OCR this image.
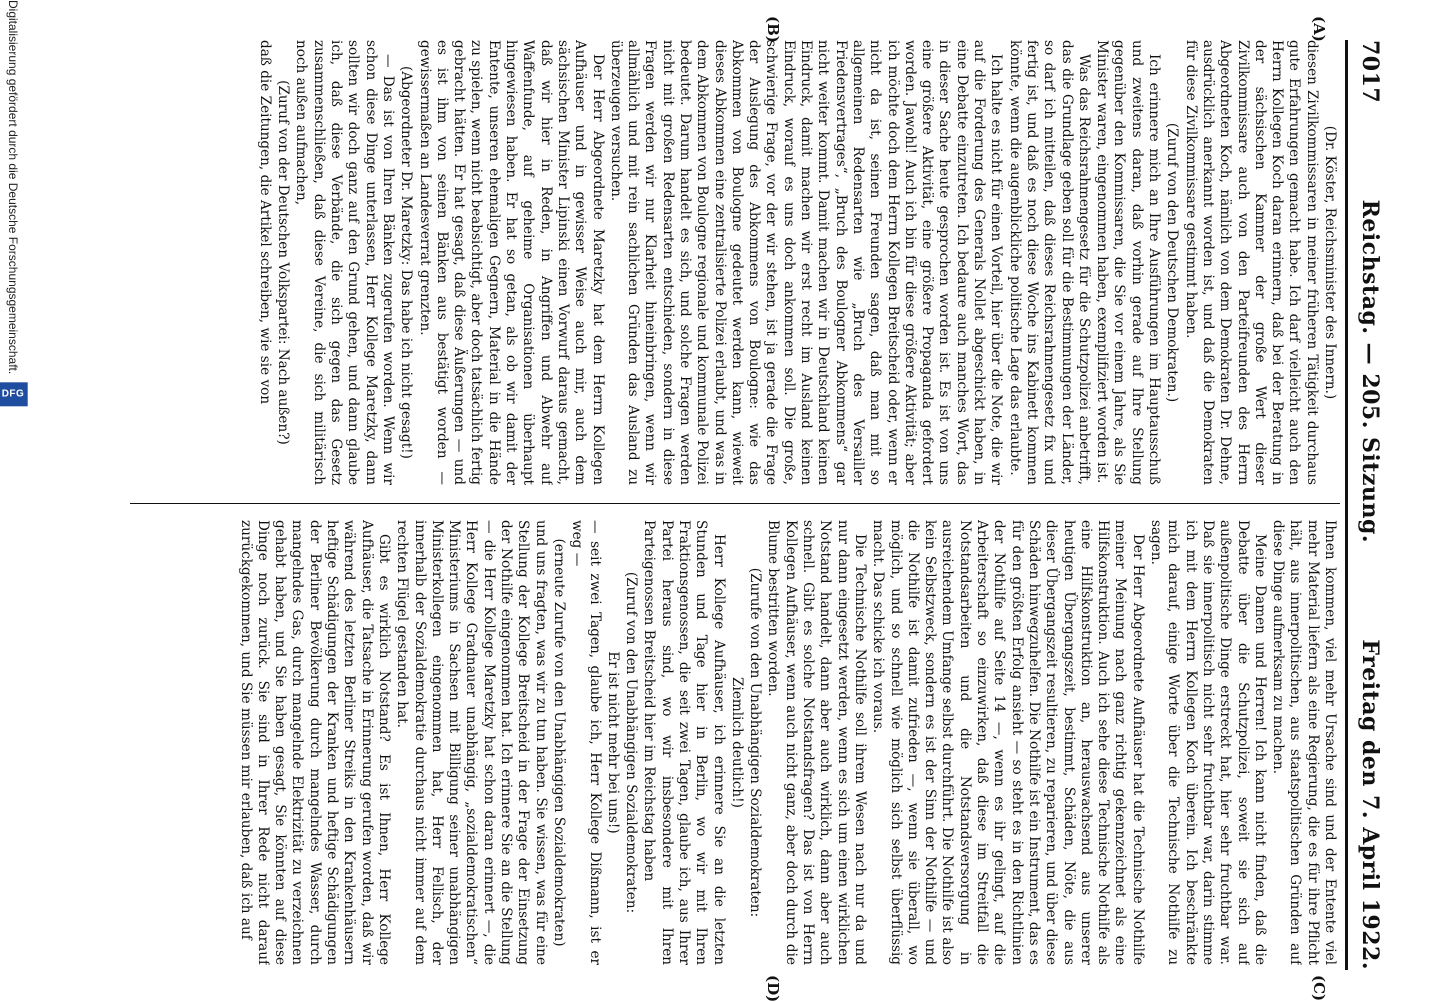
7017
Reichstag. — 205. Sitzung.
Freitag den 7. April 1922.
(A)
(B)
(C)
(D)

(Dr. Köster, Reichsminister des Innern.)

diesen Zivilkommissaren in meiner früheren Tätigkeit durchaus gute Erfahrungen gemacht habe. Ich darf vielleicht auch den Herrn Kollegen Koch daran erinnern, daß bei der Beratung in der sächsischen Kammer der große Wert dieser Zivilkommissare auch von den Parteifreunden des Herrn Abgeordneten Koch, nämlich von dem Demokraten Dr. Dehne, ausdrücklich anerkannt worden ist, und daß die Demokraten für diese Zivilkommissare gestimmt haben.

(Zuruf von den Deutschen Demokraten.)

Ich erinnere mich an Ihre Ausführungen im Hauptausschuß und zweitens daran, daß vorhin gerade auf Ihre Stellung gegenüber den Kommissaren, die Sie vor einem Jahre, als Sie Minister waren, eingenommen haben, exemplifiziert worden ist.

Was das Reichsrahmengesetz für die Schutzpolizei anbetrifft, das die Grundlage geben soll für die Bestimmungen der Länder, so darf ich mitteilen, daß dieses Reichsrahmengesetz fix und fertig ist, und daß es noch diese Woche ins Kabinett kommen könnte, wenn die augenblickliche politische Lage das erlaubte.

Ich halte es nicht für einen Vorteil, hier über die Note, die wir auf die Forderung des Generals Nollet abgeschickt haben, in eine Debatte einzutreten. Ich bedaure auch manches Wort, das in dieser Sache heute gesprochen worden ist. Es ist von uns eine größere Aktivität, eine größere Propaganda gefordert worden. Jawohl! Auch ich bin für diese größere Aktivität; aber ich möchte doch dem Herrn Kollegen Breitscheid oder, wenn er nicht da ist, seinen Freunden sagen, daß man mit so allgemeinen Redensarten wie „Bruch des Versailler Friedensvertrages“, „Bruch des Boulogner Abkommens“ gar nicht weiter kommt. Damit machen wir in Deutschland keinen Eindruck, damit machen wir erst recht im Ausland keinen Eindruck, worauf es uns doch ankommen soll. Die große, schwierige Frage, vor der wir stehen, ist ja gerade die Frage der Auslegung des Abkommens von Boulogne: wie das Abkommen von Boulogne gedeutet werden kann, wieweit dieses Abkommen eine zentralisierte Polizei erlaubt, und was in dem Abkommen von Boulogne regionale und kommunale Polizei bedeutet. Darum handelt es sich, und solche Fragen werden nicht mit großen Redensarten entschieden, sondern in diese Fragen werden wir nur Klarheit hineinbringen, wenn wir allmählich und mit rein sachlichen Gründen das Ausland zu überzeugen versuchen.

Der Herr Abgeordnete Maretzky hat dem Herrn Kollegen Aufhäuser und in gewisser Weise auch mir, auch dem sächsischen Minister Lipinski einen Vorwurf daraus gemacht, daß wir hier in Reden, in Angriffen und Abwehr auf Waffenfunde, auf geheime Organisationen überhaupt hingewiesen haben. Er hat so getan, als ob wir damit der Entente, unseren ehemaligen Gegnern, Material in die Hände zu spielen, wenn nicht beabsichtigt, aber doch tatsächlich fertig gebracht hätten. Er hat gesagt, daß diese Äußerungen — und es ist ihm von seinen Bänken aus bestätigt worden — gewissermaßen an Landesverrat grenzten.

(Abgeordneter Dr. Maretzky: Das habe ich nicht gesagt!)

— Das ist von Ihren Bänken zugerufen worden. Wenn wir schon diese Dinge unterlassen, Herr Kollege Maretzky, dann sollten wir doch ganz auf den Grund gehen, und dann glaube ich, daß diese Verbände, die sich gegen das Gesetz zusammenschließen, daß diese Vereine, die sich militärisch noch außen aufmachen,

(Zuruf von der Deutschen Volkspartei: Nach außen?)

daß die Zeitungen, die Artikel schreiben, wie sie von

Ihnen kommen, viel mehr Ursache sind und der Entente viel mehr Material liefern als eine Regierung, die es für ihre Pflicht hält, aus innerpolitischen, aus staatspolitischen Gründen auf diese Dinge aufmerksam zu machen.

Meine Damen und Herren! Ich kann nicht finden, daß die Debatte über die Schutzpolizei, soweit sie sich auf außenpolitische Dinge erstreckt hat, hier sehr fruchtbar war. Daß sie innerpolitisch nicht sehr fruchtbar war, darin stimme ich mit dem Herrn Kollegen Koch überein. Ich beschränkte mich darauf, einige Worte über die Technische Nothilfe zu sagen.

Der Herr Abgeordnete Aufhäuser hat die Technische Nothilfe meiner Meinung nach ganz richtig gekennzeichnet als eine Hilfskonstruktion. Auch ich sehe diese Technische Nothilfe als eine Hilfskonstruktion an, herauswachsend aus unserer heutigen Übergangszeit, bestimmt, Schäden, Nöte, die aus dieser Übergangszeit resultieren, zu reparieren, und über diese Schäden hinwegzuhelfen. Die Nothilfe ist ein Instrument, das es für den größten Erfolg ansieht — so steht es in den Richtlinien der Nothilfe auf Seite 14 —, wenn es ihr gelingt, auf die Arbeiterschaft so einzuwirken, daß diese im Streitfall die Notstandsarbeiten und die Notstandsversorgung in ausreichendem Umfange selbst durchführt. Die Nothilfe ist also kein Selbstzweck, sondern es ist der Sinn der Nothilfe — und die Nothilfe ist damit zufrieden —, wenn sie überall, wo möglich, und so schnell wie möglich sich selbst überflüssig macht. Das schicke ich voraus.

Die Technische Nothilfe soll ihrem Wesen nach nur da und nur dann eingesetzt werden, wenn es sich um einen wirklichen Notstand handelt, dann aber auch wirklich, dann aber auch schnell. Gibt es solche Notstandsfragen? Das ist von Herrn Kollegen Aufhäuser, wenn auch nicht ganz, aber doch durch die Blume bestritten worden.

(Zurufe von den Unabhängigen Sozialdemokraten:

Ziemlich deutlich!)

Herr Kollege Aufhäuser, ich erinnere Sie an die letzten Stunden und Tage hier in Berlin, wo wir mit Ihren Fraktionsgenossen, die seit zwei Tagen, glaube ich, aus Ihrer Partei heraus sind, wo wir insbesondere mit Ihren Parteigenossen Breitscheid hier im Reichstag haben

(Zuruf von den Unabhängigen Sozialdemokraten:

Er ist nicht mehr bei uns!)

— seit zwei Tagen, glaube ich, Herr Kollege Dißmann, ist er weg —

(erneute Zurufe von den Unabhängigen Sozialdemokraten)

und uns fragten, was wir zu tun haben. Sie wissen, was für eine Stellung der Kollege Breitscheid in der Frage der Einsetzung der Nothilfe eingenommen hat. Ich erinnere Sie an die Stellung — die Herr Kollege Maretzky hat schon daran erinnert —, die Herr Kollege Gradnauer unabhängig, „sozialdemokratischen“ Ministeriums in Sachsen mit Billigung seiner unabhängigen Ministerkollegen eingenommen hat, Herr Fellisch, der innerhalb der Sozialdemokratie durchaus nicht immer auf dem rechten Flügel gestanden hat.

Gibt es wirklich Notstand? Es ist Ihnen, Herr Kollege Aufhäuser, die Tatsache in Erinnerung gerufen worden, daß wir während des letzten Berliner Streiks in den Krankenhäusern heftige Schädigungen der Kranken und heftige Schädigungen der Berliner Bevölkerung durch mangelndes Wasser, durch mangelndes Gas, durch mangelnde Elektrizität zu verzeichnen gehabt haben, und Sie haben gesagt, Sie könnten auf diese Dinge noch zurück. Sie sind in Ihrer Rede nicht darauf zurückgekommen, und Sie müssen mir erlauben, daß ich auf

Digitalisierung gefördert durch die Deutsche Forschungsgemeinschaft.
DFG
